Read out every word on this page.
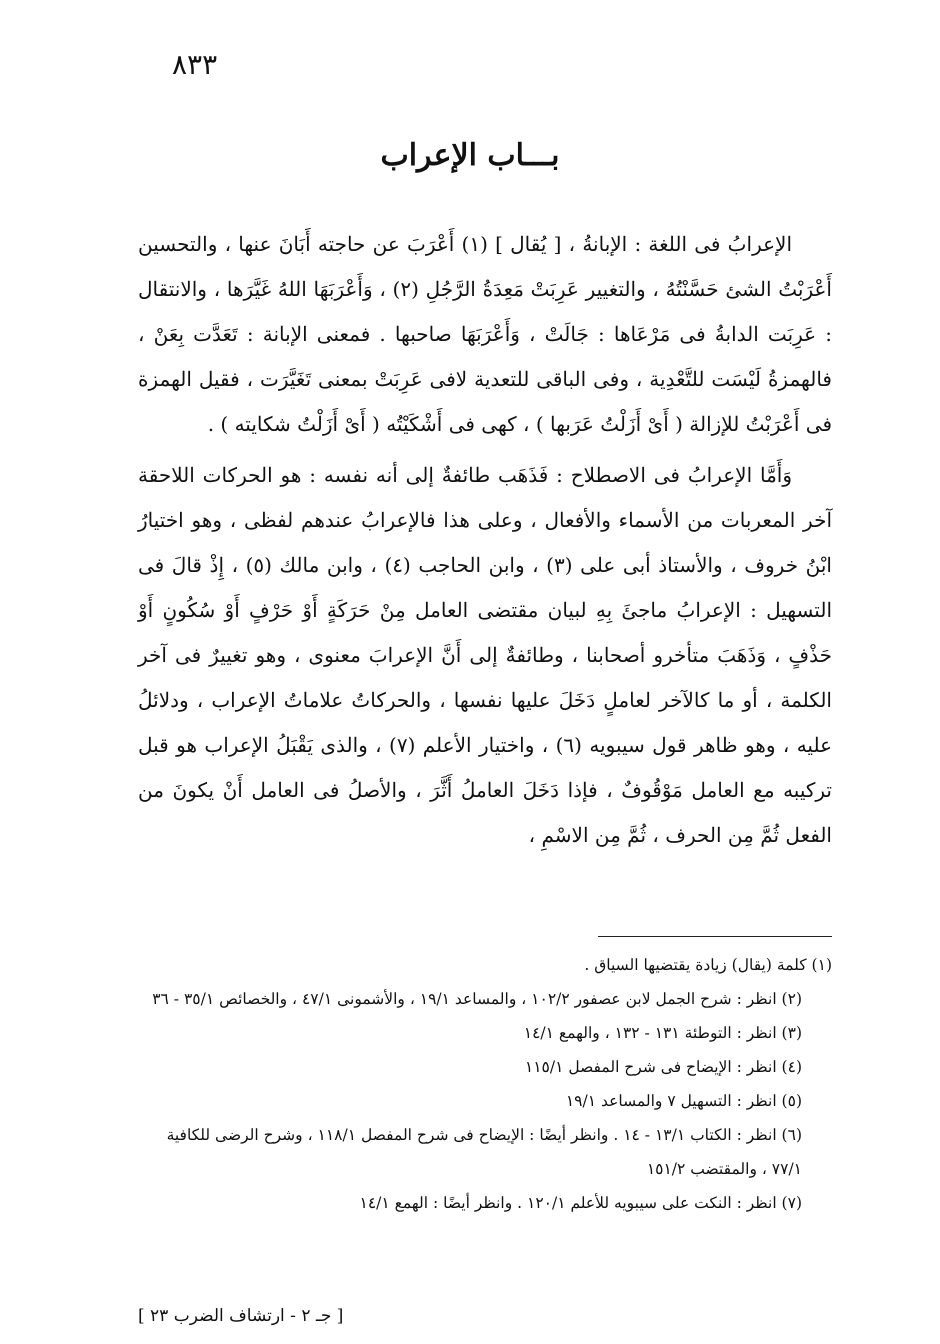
٨٣٣
بـــاب الإعراب

الإعرابُ فى اللغة : الإبانةُ ، [ يُقال ] (١) أَعْرَبَ عن حاجته أَبَانَ عنها ، والتحسين أَعْرَبْتُ الشئ حَسَّنْتُهُ ، والتغيير عَرِبَتْ مَعِدَةُ الرَّجُلِ (٢) ، وَأَعْرَبَهَا اللهُ غَيَّرَها ، والانتقال : عَرِبَت الدابةُ فى مَرْعَاها : جَالَتْ ، وَأَعْرَبَهَا صاحبها . فمعنى الإبانة : تَعَدَّت بِعَنْ ، فالهمزةُ لَيْسَت للتَّعْدِية ، وفى الباقى للتعدية لافى عَرِبَتْ بمعنى تَغَيَّرَت ، فقيل الهمزة فى أَعْرَبْتُ للإزالة ( أَىْ أَزَلْتُ عَرَبها ) ، كهى فى أَشْكَيْتُه ( أَىْ أَزَلْتُ شكايته ) .

وَأَمَّا الإعرابُ فى الاصطلاح : فَذَهَب طائفةٌ إلى أنه نفسه : هو الحركات اللاحقة آخر المعربات من الأسماء والأفعال ، وعلى هذا فالإعرابُ عندهم لفظى ، وهو اختيارُ ابْنُ خروف ، والأستاذ أبى على (٣) ، وابن الحاجب (٤) ، وابن مالك (٥) ، إِذْ قالَ فى التسهيل : الإعرابُ ماجئَ بِهِ لبيان مقتضى العامل مِنْ حَرَكَةٍ أَوْ حَرْفٍ أَوْ سُكُونٍ أَوْ حَذْفٍ ، وَذَهَبَ متأخرو أصحابنا ، وطائفةٌ إلى أَنَّ الإعرابَ معنوى ، وهو تغييرٌ فى آخر الكلمة ، أو ما كالآخر لعاملٍ دَخَلَ عليها نفسها ، والحركاتُ علاماتُ الإعراب ، ودلائلُ عليه ، وهو ظاهر قول سيبويه (٦) ، واختيار الأعلم (٧) ، والذى يَقْبَلُ الإعراب هو قبل تركيبه مع العامل مَوْقُوفٌ ، فإذا دَخَلَ العاملُ أَثَّرَ ، والأصلُ فى العامل أَنْ يكونَ من الفعل ثُمَّ مِن الحرف ، ثُمَّ مِن الاسْمِ ،

(١) كلمة (يقال) زيادة يقتضيها السياق .

(٢) انظر : شرح الجمل لابن عصفور ١٠٢/٢ ، والمساعد ١٩/١ ، والأشمونى ٤٧/١ ، والخصائص ٣٥/١ - ٣٦

(٣) انظر : التوطئة ١٣١ - ١٣٢ ، والهمع ١٤/١

(٤) انظر : الإيضاح فى شرح المفصل ١١٥/١

(٥) انظر : التسهيل ٧ والمساعد ١٩/١

(٦) انظر : الكتاب ١٣/١ - ١٤ . وانظر أيضًا : الإيضاح فى شرح المفصل ١١٨/١ ، وشرح الرضى للكافية ٧٧/١ ، والمقتضب ١٥١/٢

(٧) انظر : النكت على سيبويه للأعلم ١٢٠/١ . وانظر أيضًا : الهمع ١٤/١

[ جـ ٢ - ارتشاف الضرب ٢٣ ]
